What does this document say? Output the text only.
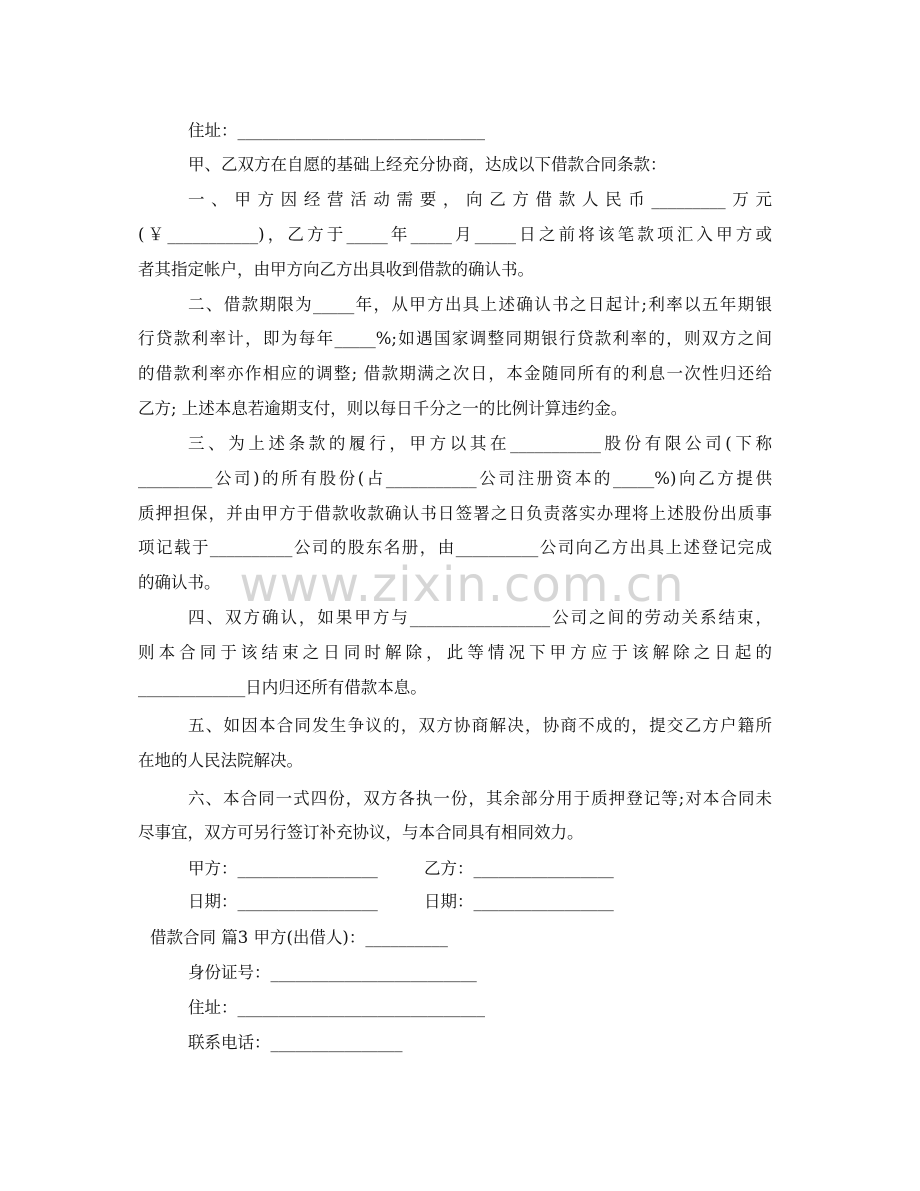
www.zixin.com.cn
住址：______________________________
甲、乙双方在自愿的基础上经充分协商，达成以下借款合同条款：
一、甲方因经营活动需要，向乙方借款人民币_________万元
(￥___________)，乙方于_____年_____月_____日之前将该笔款项汇入甲方或
者其指定帐户，由甲方向乙方出具收到借款的确认书。
二、借款期限为_____年，从甲方出具上述确认书之日起计;利率以五年期银
行贷款利率计，即为每年_____%;如遇国家调整同期银行贷款利率的，则双方之间
的借款利率亦作相应的调整; 借款期满之次日，本金随同所有的利息一次性归还给
乙方; 上述本息若逾期支付，则以每日千分之一的比例计算违约金。
三、为上述条款的履行，甲方以其在___________股份有限公司(下称
_________公司)的所有股份(占___________公司注册资本的_____%)向乙方提供
质押担保，并由甲方于借款收款确认书日签署之日负责落实办理将上述股份出质事
项记载于__________公司的股东名册，由__________公司向乙方出具上述登记完成
的确认书。
四、双方确认，如果甲方与_________________公司之间的劳动关系结束，
则本合同于该结束之日同时解除，此等情况下甲方应于该解除之日起的
_____________日内归还所有借款本息。
五、如因本合同发生争议的，双方协商解决，协商不成的，提交乙方户籍所
在地的人民法院解决。
六、本合同一式四份，双方各执一份，其余部分用于质押登记等;对本合同未
尽事宜，双方可另行签订补充协议，与本合同具有相同效力。
甲方：_________________	乙方：_________________
日期：_________________	日期：_________________
借款合同 篇3 甲方(出借人)：__________
身份证号：_________________________
住址：______________________________
联系电话：________________
